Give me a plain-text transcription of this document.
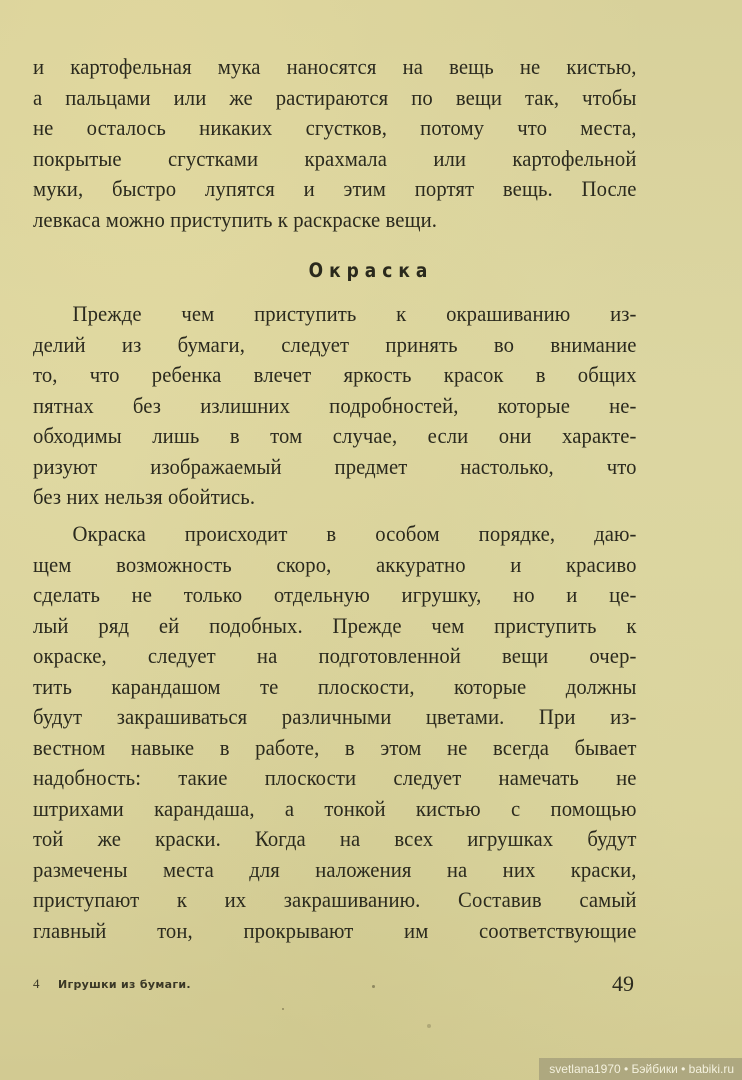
и картофельная мука наносятся на вещь не кистью,
а пальцами или же растираются по вещи так, чтобы
не осталось никаких сгустков, потому что места,
покрытые сгустками крахмала или картофельной
муки, быстро лупятся и этим портят вещь. После
левкаса можно приступить к раскраске вещи.
Окраска
Прежде чем приступить к окрашиванию из-
делий из бумаги, следует принять во внимание
то, что ребенка влечет яркость красок в общих
пятнах без излишних подробностей, которые не-
обходимы лишь в том случае, если они характе-
ризуют изображаемый предмет настолько, что
без них нельзя обойтись.
Окраска происходит в особом порядке, даю-
щем возможность скоро, аккуратно и красиво
сделать не только отдельную игрушку, но и це-
лый ряд ей подобных. Прежде чем приступить к
окраске, следует на подготовленной вещи очер-
тить карандашом те плоскости, которые должны
будут закрашиваться различными цветами. При из-
вестном навыке в работе, в этом не всегда бывает
надобность: такие плоскости следует намечать не
штрихами карандаша, а тонкой кистью с помощью
той же краски. Когда на всех игрушках будут
размечены места для наложения на них краски,
приступают к их закрашиванию. Составив самый
главный тон, прокрывают им соответствующие
4 Игрушки из бумаги.	49
svetlana1970 • Бэйбики • babiki.ru
